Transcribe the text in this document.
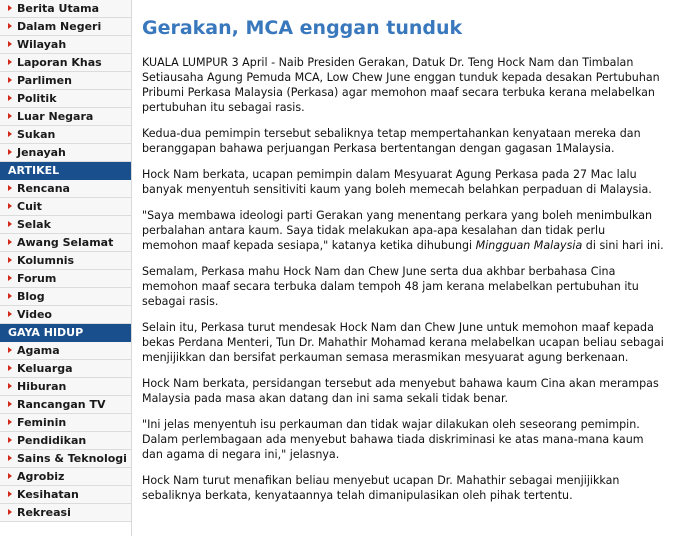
Berita Utama
Dalam Negeri
Wilayah
Laporan Khas
Parlimen
Politik
Luar Negara
Sukan
Jenayah
ARTIKEL
Rencana
Cuit
Selak
Awang Selamat
Kolumnis
Forum
Blog
Video
GAYA HIDUP
Agama
Keluarga
Hiburan
Rancangan TV
Feminin
Pendidikan
Sains & Teknologi
Agrobiz
Kesihatan
Rekreasi
Gerakan, MCA enggan tunduk

KUALA LUMPUR 3 April - Naib Presiden Gerakan, Datuk Dr. Teng Hock Nam dan Timbalan Setiausaha Agung Pemuda MCA, Low Chew June enggan tunduk kepada desakan Pertubuhan Pribumi Perkasa Malaysia (Perkasa) agar memohon maaf secara terbuka kerana melabelkan pertubuhan itu sebagai rasis.

Kedua-dua pemimpin tersebut sebaliknya tetap mempertahankan kenyataan mereka dan beranggapan bahawa perjuangan Perkasa bertentangan dengan gagasan 1Malaysia.

Hock Nam berkata, ucapan pemimpin dalam Mesyuarat Agung Perkasa pada 27 Mac lalu banyak menyentuh sensitiviti kaum yang boleh memecah belahkan perpaduan di Malaysia.

"Saya membawa ideologi parti Gerakan yang menentang perkara yang boleh menimbulkan perbalahan antara kaum. Saya tidak melakukan apa-apa kesalahan dan tidak perlu memohon maaf kepada sesiapa," katanya ketika dihubungi Mingguan Malaysia di sini hari ini.

Semalam, Perkasa mahu Hock Nam dan Chew June serta dua akhbar berbahasa Cina memohon maaf secara terbuka dalam tempoh 48 jam kerana melabelkan pertubuhan itu sebagai rasis.

Selain itu, Perkasa turut mendesak Hock Nam dan Chew June untuk memohon maaf kepada bekas Perdana Menteri, Tun Dr. Mahathir Mohamad kerana melabelkan ucapan beliau sebagai menjijikkan dan bersifat perkauman semasa merasmikan mesyuarat agung berkenaan.

Hock Nam berkata, persidangan tersebut ada menyebut bahawa kaum Cina akan merampas Malaysia pada masa akan datang dan ini sama sekali tidak benar.

"Ini jelas menyentuh isu perkauman dan tidak wajar dilakukan oleh seseorang pemimpin. Dalam perlembagaan ada menyebut bahawa tiada diskriminasi ke atas mana-mana kaum dan agama di negara ini," jelasnya.

Hock Nam turut menafikan beliau menyebut ucapan Dr. Mahathir sebagai menjijikkan sebaliknya berkata, kenyataannya telah dimanipulasikan oleh pihak tertentu.
